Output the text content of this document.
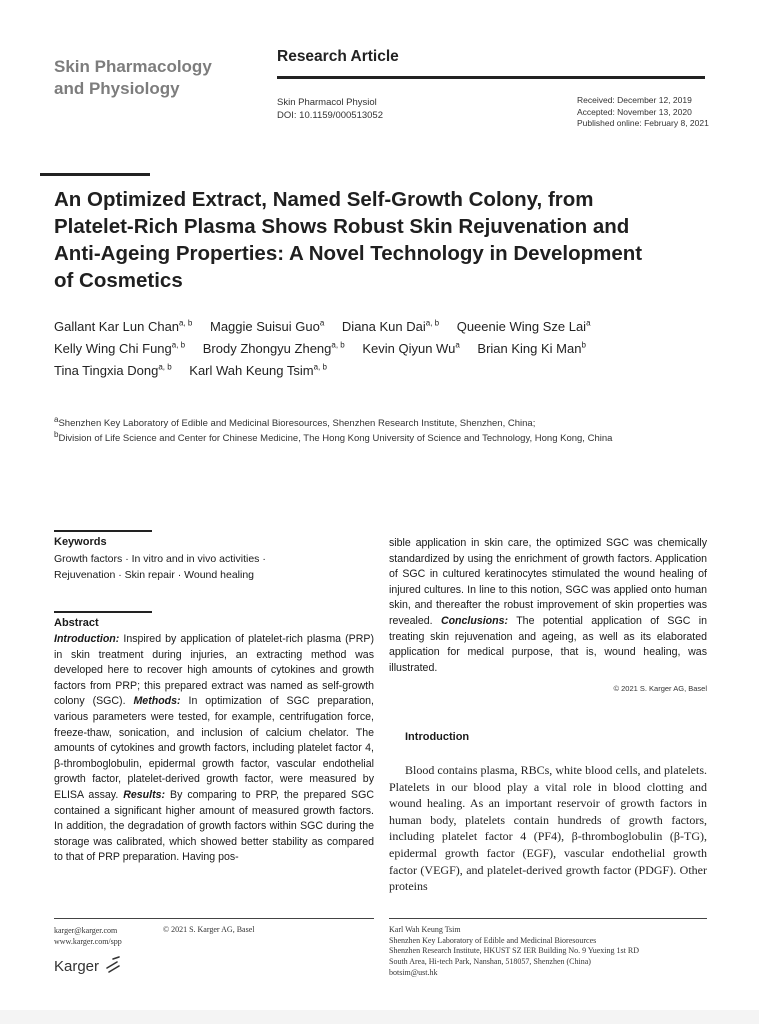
Skin Pharmacology
and Physiology
Research Article
Skin Pharmacol Physiol
DOI: 10.1159/000513052
Received: December 12, 2019
Accepted: November 13, 2020
Published online: February 8, 2021
An Optimized Extract, Named Self-Growth Colony, from Platelet-Rich Plasma Shows Robust Skin Rejuvenation and Anti-Ageing Properties: A Novel Technology in Development of Cosmetics
Gallant Kar Lun Chan$^{a, b}$ Maggie Suisui Guo$^a$ Diana Kun Dai$^{a, b}$ Queenie Wing Sze Lai$^a$ Kelly Wing Chi Fung$^{a, b}$ Brody Zhongyu Zheng$^{a, b}$ Kevin Qiyun Wu$^a$ Brian King Ki Man$^b$ Tina Tingxia Dong$^{a, b}$ Karl Wah Keung Tsim$^{a, b}$

$^a$Shenzhen Key Laboratory of Edible and Medicinal Bioresources, Shenzhen Research Institute, Shenzhen, China;

$^b$Division of Life Science and Center for Chinese Medicine, The Hong Kong University of Science and Technology, Hong Kong, China

Keywords
Growth factors · In vitro and in vivo activities ·
Rejuvenation · Skin repair · Wound healing
Abstract
Introduction: Inspired by application of platelet-rich plasma (PRP) in skin treatment during injuries, an extracting method was developed here to recover high amounts of cytokines and growth factors from PRP; this prepared extract was named as self-growth colony (SGC). Methods: In optimization of SGC preparation, various parameters were tested, for example, centrifugation force, freeze-thaw, sonication, and inclusion of calcium chelator. The amounts of cytokines and growth factors, including platelet factor 4, β-thromboglobulin, epidermal growth factor, vascular endothelial growth factor, platelet-derived growth factor, were measured by ELISA assay. Results: By comparing to PRP, the prepared SGC contained a significant higher amount of measured growth factors. In addition, the degradation of growth factors within SGC during the storage was calibrated, which showed better stability as compared to that of PRP preparation. Having pos-
sible application in skin care, the optimized SGC was chemically standardized by using the enrichment of growth factors. Application of SGC in cultured keratinocytes stimulated the wound healing of injured cultures. In line to this notion, SGC was applied onto human skin, and thereafter the robust improvement of skin properties was revealed. Conclusions: The potential application of SGC in treating skin rejuvenation and ageing, as well as its elaborated application for medical purpose, that is, wound healing, was illustrated.
© 2021 S. Karger AG, Basel
Introduction
Blood contains plasma, RBCs, white blood cells, and platelets. Platelets in our blood play a vital role in blood clotting and wound healing. As an important reservoir of growth factors in human body, platelets contain hundreds of growth factors, including platelet factor 4 (PF4), β-thromboglobulin (β-TG), epidermal growth factor (EGF), vascular endothelial growth factor (VEGF), and platelet-derived growth factor (PDGF). Other proteins
karger@karger.com
www.karger.com/spp
© 2021 S. Karger AG, Basel
Karger

Karl Wah Keung Tsim

Shenzhen Key Laboratory of Edible and Medicinal Bioresources

Shenzhen Research Institute, HKUST SZ IER Building No. 9 Yuexing 1st RD

South Area, Hi-tech Park, Nanshan, 518057, Shenzhen (China)

botsim@ust.hk
